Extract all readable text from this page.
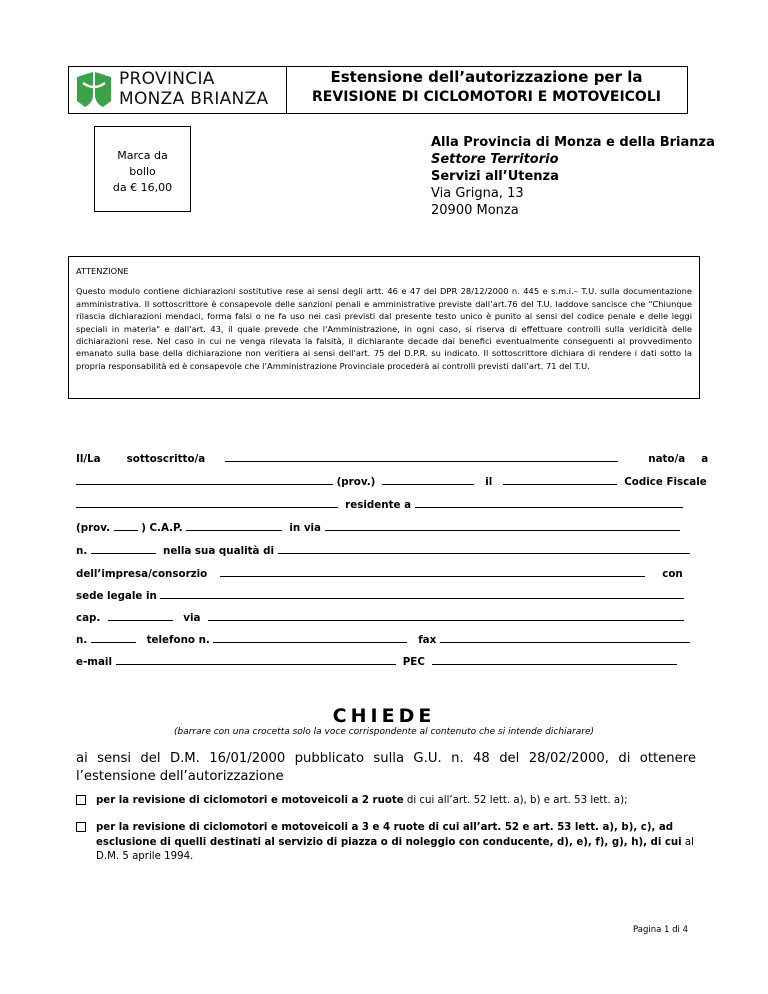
PROVINCIA
MONZA BRIANZA
Estensione dell’autorizzazione per la
REVISIONE DI CICLOMOTORI E MOTOVEICOLI
Marca da
bollo
da € 16,00
Alla Provincia di Monza e della Brianza
Settore Territorio
Servizi all’Utenza
Via Grigna, 13
20900 Monza
ATTENZIONE
Questo modulo contiene dichiarazioni sostitutive rese ai sensi degli artt. 46 e 47 del DPR 28/12/2000 n. 445 e s.m.i.– T.U. sulla documentazione amministrativa. Il sottoscrittore è consapevole delle sanzioni penali e amministrative previste dall’art.76 del T.U. laddove sancisce che "Chiunque rilascia dichiarazioni mendaci, forma falsi o ne fa uso nei casi previsti dal presente testo unico è punito ai sensi del codice penale e delle leggi speciali in materia" e dall'art. 43, il quale prevede che l'Amministrazione, in ogni caso, si riserva di effettuare controlli sulla veridicità delle dichiarazioni rese. Nel caso in cui ne venga rilevata la falsità, il dichiarante decade dai benefici eventualmente conseguenti al provvedimento emanato sulla base della dichiarazione non veritiera ai sensi dell'art. 75 del D.P.R. su indicato. Il sottoscrittore dichiara di rendere i dati sotto la propria responsabilità ed è consapevole che l’Amministrazione Provinciale procederà ai controlli previsti dall’art. 71 del T.U.
Il/La	sottoscritto/a	nato/a a
(prov.)	il	Codice Fiscale
residente a
(prov.	) C.A.P.	in via
n.	nella sua qualità di
dell’impresa/consorzio	con
sede legale in
cap.	via
n.	telefono n.	fax
e-mail	PEC
CHIEDE
(barrare con una crocetta solo la voce corrispondente al contenuto che si intende dichiarare)
ai sensi del D.M. 16/01/2000 pubblicato sulla G.U. n. 48 del 28/02/2000, di ottenere l’estensione dell’autorizzazione
per la revisione di ciclomotori e motoveicoli a 2 ruote di cui all’art. 52 lett. a), b) e art. 53 lett. a);
per la revisione di ciclomotori e motoveicoli a 3 e 4 ruote di cui all’art. 52 e art. 53 lett. a), b), c), ad esclusione di quelli destinati al servizio di piazza o di noleggio con conducente, d), e), f), g), h), di cui al D.M. 5 aprile 1994.
Pagina 1 di 4
